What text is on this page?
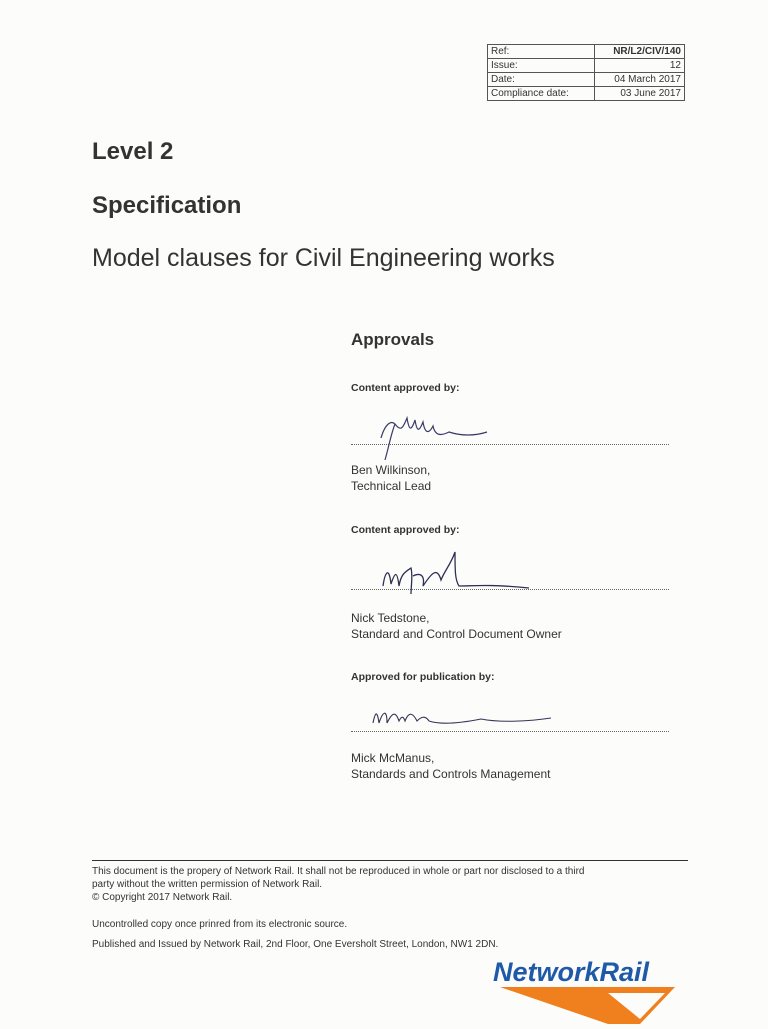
Ref:	NR/L2/CIV/140
Issue:	12
Date:	04 March 2017
Compliance date:	03 June 2017
Level 2
Specification
Model clauses for Civil Engineering works
Approvals
Content approved by:
Ben Wilkinson,
Technical Lead
Content approved by:
Nick Tedstone,
Standard and Control Document Owner
Approved for publication by:
Mick McManus,
Standards and Controls Management
This document is the propery of Network Rail. It shall not be reproduced in whole or part nor disclosed to a third
party without the written permission of Network Rail.
© Copyright 2017 Network Rail.
Uncontrolled copy once prinred from its electronic source.
Published and Issued by Network Rail, 2nd Floor, One Eversholt Street, London, NW1 2DN.
NetworkRail
